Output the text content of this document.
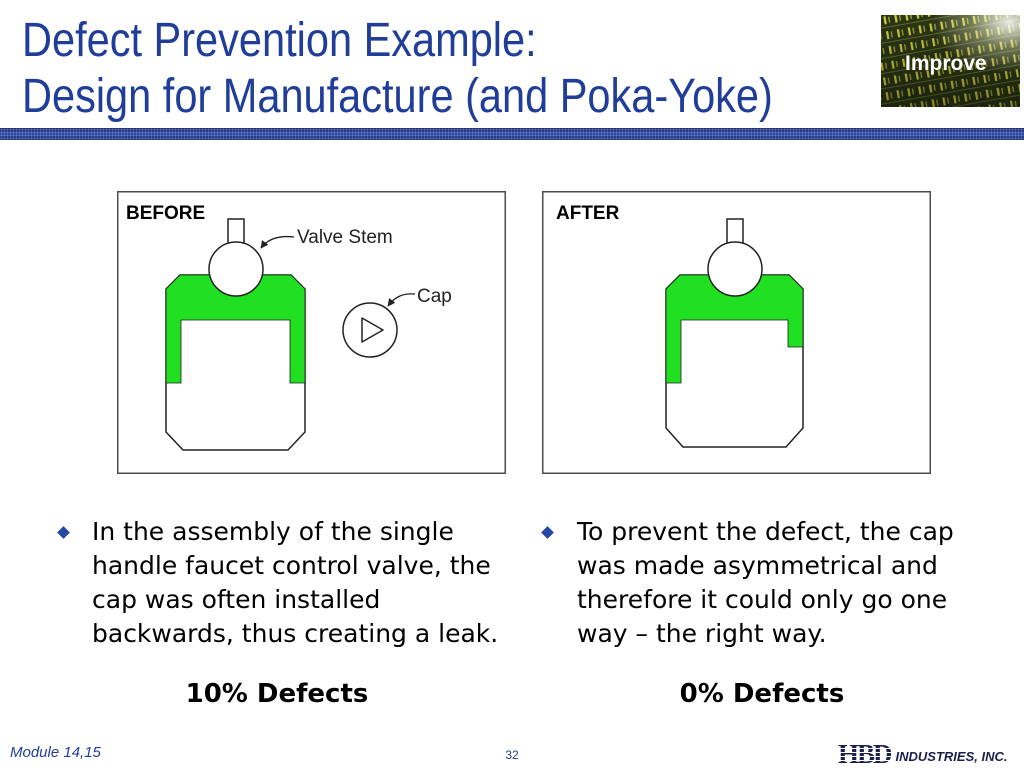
Defect Prevention Example:
Design for Manufacture (and Poka-Yoke)
Improve
BEFORE
Valve Stem
Cap
AFTER
In the assembly of the single
handle faucet control valve, the
cap was often installed
backwards, thus creating a leak.
To prevent the defect, the cap
was made asymmetrical and
therefore it could only go one
way – the right way.
10% Defects	0% Defects
Module 14,15	32	HBD INDUSTRIES, INC.
